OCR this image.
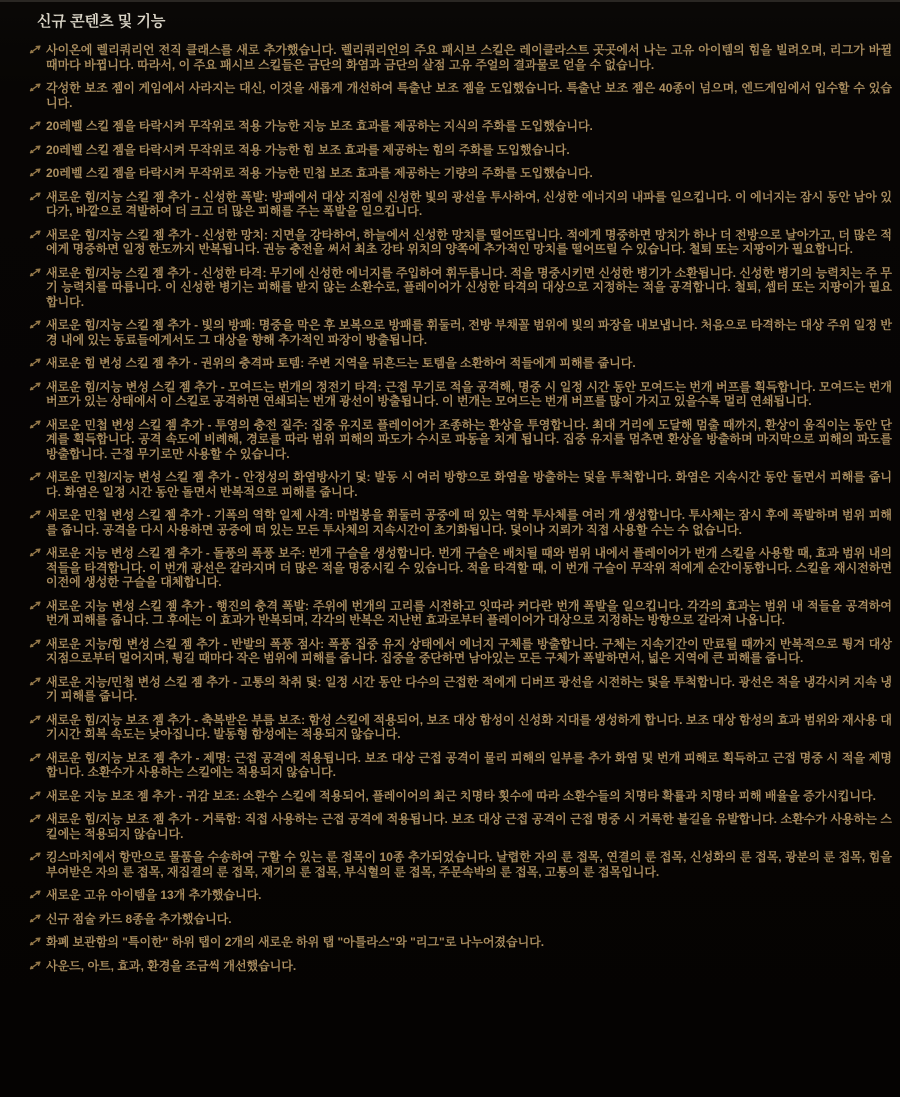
신규 콘텐츠 및 기능
사이온에 렐리쿼리언 전직 클래스를 새로 추가했습니다. 렐리쿼리언의 주요 패시브 스킬은 레이클라스트 곳곳에서 나는 고유 아이템의 힘을 빌려오며, 리그가 바뀔 때마다 바뀝니다. 따라서, 이 주요 패시브 스킬들은 금단의 화염과 금단의 살점 고유 주얼의 결과물로 얻을 수 없습니다.
각성한 보조 젬이 게임에서 사라지는 대신, 이것을 새롭게 개선하여 특출난 보조 젬을 도입했습니다. 특출난 보조 젬은 40종이 넘으며, 엔드게임에서 입수할 수 있습니다.
20레벨 스킬 젬을 타락시켜 무작위로 적용 가능한 지능 보조 효과를 제공하는 지식의 주화를 도입했습니다.
20레벨 스킬 젬을 타락시켜 무작위로 적용 가능한 힘 보조 효과를 제공하는 힘의 주화를 도입했습니다.
20레벨 스킬 젬을 타락시켜 무작위로 적용 가능한 민첩 보조 효과를 제공하는 기량의 주화를 도입했습니다.
새로운 힘/지능 스킬 젬 추가 - 신성한 폭발: 방패에서 대상 지점에 신성한 빛의 광선을 투사하여, 신성한 에너지의 내파를 일으킵니다. 이 에너지는 잠시 동안 남아 있다가, 바깥으로 격발하여 더 크고 더 많은 피해를 주는 폭발을 일으킵니다.
새로운 힘/지능 스킬 젬 추가 - 신성한 망치: 지면을 강타하여, 하늘에서 신성한 망치를 떨어뜨립니다. 적에게 명중하면 망치가 하나 더 전방으로 날아가고, 더 많은 적에게 명중하면 일정 한도까지 반복됩니다. 권능 충전을 써서 최초 강타 위치의 양쪽에 추가적인 망치를 떨어뜨릴 수 있습니다. 철퇴 또는 지팡이가 필요합니다.
새로운 힘/지능 스킬 젬 추가 - 신성한 타격: 무기에 신성한 에너지를 주입하여 휘두릅니다. 적을 명중시키면 신성한 병기가 소환됩니다. 신성한 병기의 능력치는 주 무기 능력치를 따릅니다. 이 신성한 병기는 피해를 받지 않는 소환수로, 플레이어가 신성한 타격의 대상으로 지정하는 적을 공격합니다. 철퇴, 셉터 또는 지팡이가 필요합니다.
새로운 힘/지능 스킬 젬 추가 - 빛의 방패: 명중을 막은 후 보복으로 방패를 휘둘러, 전방 부채꼴 범위에 빛의 파장을 내보냅니다. 처음으로 타격하는 대상 주위 일정 반경 내에 있는 동료들에게서도 그 대상을 향해 추가적인 파장이 방출됩니다.
새로운 힘 변성 스킬 젬 추가 - 권위의 충격파 토템: 주변 지역을 뒤흔드는 토템을 소환하여 적들에게 피해를 줍니다.
새로운 힘/지능 변성 스킬 젬 추가 - 모여드는 번개의 정전기 타격: 근접 무기로 적을 공격해, 명중 시 일정 시간 동안 모여드는 번개 버프를 획득합니다. 모여드는 번개 버프가 있는 상태에서 이 스킬로 공격하면 연쇄되는 번개 광선이 방출됩니다. 이 번개는 모여드는 번개 버프를 많이 가지고 있을수록 멀리 연쇄됩니다.
새로운 민첩 변성 스킬 젬 추가 - 투영의 충전 질주: 집중 유지로 플레이어가 조종하는 환상을 투영합니다. 최대 거리에 도달해 멈출 때까지, 환상이 움직이는 동안 단계를 획득합니다. 공격 속도에 비례해, 경로를 따라 범위 피해의 파도가 수시로 파동을 치게 됩니다. 집중 유지를 멈추면 환상을 방출하며 마지막으로 피해의 파도를 방출합니다. 근접 무기로만 사용할 수 있습니다.
새로운 민첩/지능 변성 스킬 젬 추가 - 안정성의 화염방사기 덫: 발동 시 여러 방향으로 화염을 방출하는 덫을 투척합니다. 화염은 지속시간 동안 돌면서 피해를 줍니다. 화염은 일정 시간 동안 돌면서 반복적으로 피해를 줍니다.
새로운 민첩 변성 스킬 젬 추가 - 기폭의 역학 일제 사격: 마법봉을 휘둘러 공중에 떠 있는 역학 투사체를 여러 개 생성합니다. 투사체는 잠시 후에 폭발하며 범위 피해를 줍니다. 공격을 다시 사용하면 공중에 떠 있는 모든 투사체의 지속시간이 초기화됩니다. 덫이나 지뢰가 직접 사용할 수는 수 없습니다.
새로운 지능 변성 스킬 젬 추가 - 돌풍의 폭풍 보주: 번개 구슬을 생성합니다. 번개 구슬은 배치될 때와 범위 내에서 플레이어가 번개 스킬을 사용할 때, 효과 범위 내의 적들을 타격합니다. 이 번개 광선은 갈라지며 더 많은 적을 명중시킬 수 있습니다. 적을 타격할 때, 이 번개 구슬이 무작위 적에게 순간이동합니다. 스킬을 재시전하면 이전에 생성한 구슬을 대체합니다.
새로운 지능 변성 스킬 젬 추가 - 행진의 충격 폭발: 주위에 번개의 고리를 시전하고 잇따라 커다란 번개 폭발을 일으킵니다. 각각의 효과는 범위 내 적들을 공격하여 번개 피해를 줍니다. 그 후에는 이 효과가 반복되며, 각각의 반복은 지난번 효과로부터 플레이어가 대상으로 지정하는 방향으로 갈라져 나옵니다.
새로운 지능/힘 변성 스킬 젬 추가 - 반발의 폭풍 점사: 폭풍 집중 유지 상태에서 에너지 구체를 방출합니다. 구체는 지속기간이 만료될 때까지 반복적으로 튕겨 대상 지점으로부터 멀어지며, 튕길 때마다 작은 범위에 피해를 줍니다. 집중을 중단하면 남아있는 모든 구체가 폭발하면서, 넓은 지역에 큰 피해를 줍니다.
새로운 지능/민첩 변성 스킬 젬 추가 - 고통의 착취 덫: 일정 시간 동안 다수의 근접한 적에게 디버프 광선을 시전하는 덫을 투척합니다. 광선은 적을 냉각시켜 지속 냉기 피해를 줍니다.
새로운 힘/지능 보조 젬 추가 - 축복받은 부름 보조: 함성 스킬에 적용되어, 보조 대상 함성이 신성화 지대를 생성하게 합니다. 보조 대상 함성의 효과 범위와 재사용 대기시간 회복 속도는 낮아집니다. 발동형 함성에는 적용되지 않습니다.
새로운 힘/지능 보조 젬 추가 - 제명: 근접 공격에 적용됩니다. 보조 대상 근접 공격이 물리 피해의 일부를 추가 화염 및 번개 피해로 획득하고 근접 명중 시 적을 제명합니다. 소환수가 사용하는 스킬에는 적용되지 않습니다.
새로운 지능 보조 젬 추가 - 귀감 보조: 소환수 스킬에 적용되어, 플레이어의 최근 치명타 횟수에 따라 소환수들의 치명타 확률과 치명타 피해 배율을 증가시킵니다.
새로운 힘/지능 보조 젬 추가 - 거룩함: 직접 사용하는 근접 공격에 적용됩니다. 보조 대상 근접 공격이 근접 명중 시 거룩한 불길을 유발합니다. 소환수가 사용하는 스킬에는 적용되지 않습니다.
킹스마치에서 항만으로 물품을 수송하여 구할 수 있는 룬 접목이 10종 추가되었습니다. 날렵한 자의 룬 접목, 연결의 룬 접목, 신성화의 룬 접목, 광분의 룬 접목, 힘을 부여받은 자의 룬 접목, 재집결의 룬 접목, 재기의 룬 접목, 부식혈의 룬 접목, 주문속박의 룬 접목, 고통의 룬 접목입니다.
새로운 고유 아이템을 13개 추가했습니다.
신규 점술 카드 8종을 추가했습니다.
화폐 보관함의 "특이한" 하위 탭이 2개의 새로운 하위 탭 "아틀라스"와 "리그"로 나누어졌습니다.
사운드, 아트, 효과, 환경을 조금씩 개선했습니다.
